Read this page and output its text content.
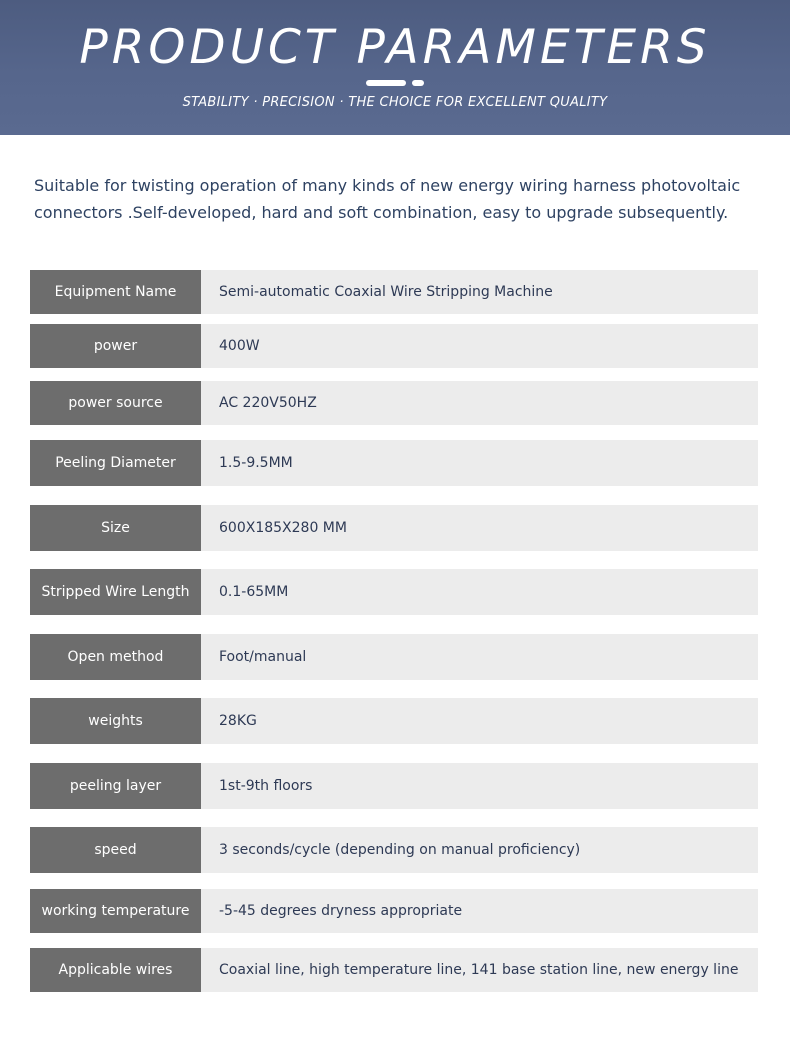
PRODUCT PARAMETERS
STABILITY · PRECISION · THE CHOICE FOR EXCELLENT QUALITY
Suitable for twisting operation of many kinds of new energy wiring harness photovoltaic connectors .Self-developed, hard and soft combination, easy to upgrade subsequently.
Equipment Name	Semi-automatic Coaxial Wire Stripping Machine
power	400W
power source	AC 220V50HZ
Peeling Diameter	1.5-9.5MM
Size	600X185X280 MM
Stripped Wire Length	0.1-65MM
Open method	Foot/manual
weights	28KG
peeling layer	1st-9th floors
speed	3 seconds/cycle (depending on manual proficiency)
working temperature	-5-45 degrees dryness appropriate
Applicable wires	Coaxial line, high temperature line, 141 base station line, new energy line
